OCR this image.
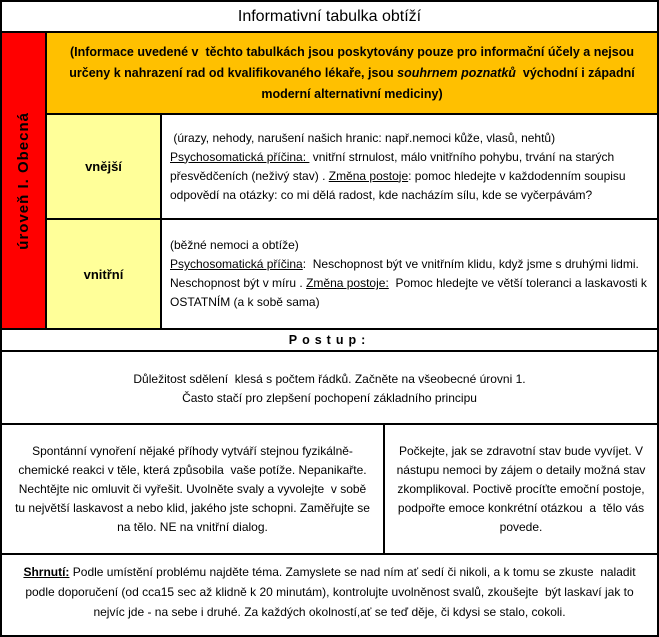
Informativní tabulka obtíží
úroveň I. Obecná
(Informace uvedené v  těchto tabulkách jsou poskytovány pouze pro informační účely a nejsou určeny k nahrazení rad od kvalifikovaného lékaře, jsou souhrnem poznatků  východní i západní moderní alternativní mediciny)
vnější
(úrazy, nehody, narušení našich hranic: např.nemoci kůže, vlasů, nehtů)
Psychosomatická příčina:  vnitřní strnulost, málo vnitřního pohybu, trvání na starých přesvědčeních (neživý stav) . Změna postoje: pomoc hledejte v každodenním soupisu odpovědí na otázky: co mi dělá radost, kde nacházím sílu, kde se vyčerpávám?
vnitřní
(běžné nemoci a obtíže)
Psychosomatická příčina:  Neschopnost být ve vnitřním klidu, když jsme s druhými lidmi. Neschopnost být v míru . Změna postoje:  Pomoc hledejte ve větší toleranci a laskavosti k OSTATNÍM (a k sobě sama)
Postup:
Důležitost sdělení  klesá s počtem řádků. Začněte na všeobecné úrovni 1.
Často stačí pro zlepšení pochopení základního principu
Spontánní vynoření nějaké příhody vytváří stejnou fyzikálně-chemické reakci v těle, která způsobila  vaše potíže. Nepanikařte. Nechtějte nic omluvit či vyřešit. Uvolněte svaly a vyvolejte  v sobě tu největší laskavost a nebo klid, jakého jste schopni. Zaměřujte se  na tělo. NE na vnitřní dialog.
Počkejte, jak se zdravotní stav bude vyvíjet. V nástupu nemoci by zájem o detaily možná stav zkomplikoval. Poctivě procíťte emoční postoje, podpořte emoce konkrétní otázkou  a  tělo vás povede.
Shrnutí: Podle umístění problému najděte téma. Zamyslete se nad ním ať sedí či nikoli, a k tomu se zkuste  naladit podle doporučení (od cca15 sec až klidně k 20 minutám), kontrolujte uvolněnost svalů, zkoušejte  být laskaví jak to nejvíc jde - na sebe i druhé. Za každých okolností,ať se teď děje, či kdysi se stalo, cokoli.
